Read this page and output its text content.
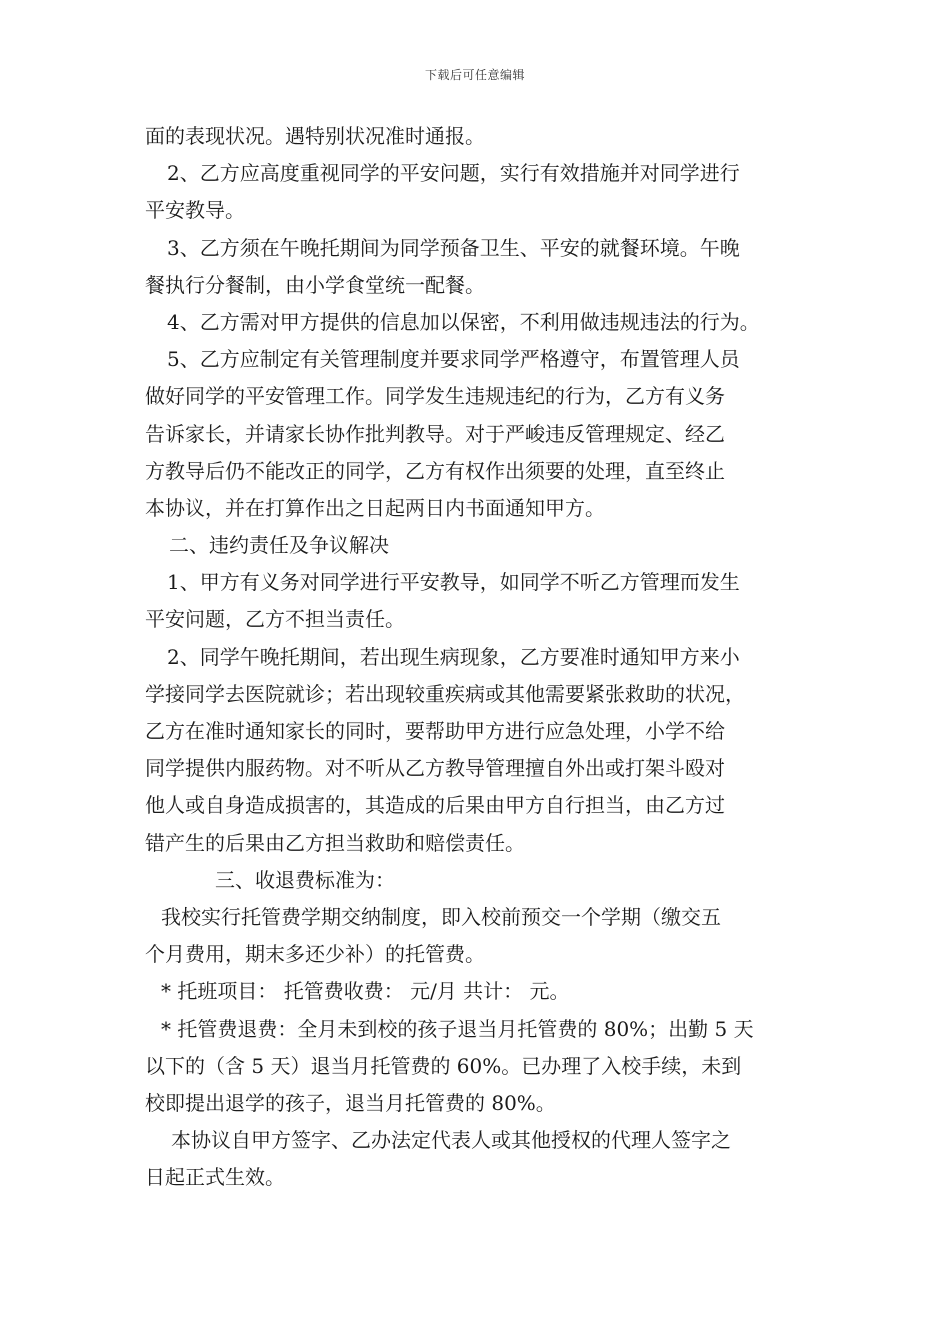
下载后可任意编辑
面的表现状况。遇特别状况准时通报。
2、乙方应高度重视同学的平安问题，实行有效措施并对同学进行
平安教导。
3、乙方须在午晚托期间为同学预备卫生、平安的就餐环境。午晚
餐执行分餐制，由小学食堂统一配餐。
4、乙方需对甲方提供的信息加以保密，不利用做违规违法的行为。
5、乙方应制定有关管理制度并要求同学严格遵守，布置管理人员
做好同学的平安管理工作。同学发生违规违纪的行为，乙方有义务
告诉家长，并请家长协作批判教导。对于严峻违反管理规定、经乙
方教导后仍不能改正的同学，乙方有权作出须要的处理，直至终止
本协议，并在打算作出之日起两日内书面通知甲方。
二、违约责任及争议解决
1、甲方有义务对同学进行平安教导，如同学不听乙方管理而发生
平安问题，乙方不担当责任。
2、同学午晚托期间，若出现生病现象，乙方要准时通知甲方来小
学接同学去医院就诊；若出现较重疾病或其他需要紧张救助的状况，
乙方在准时通知家长的同时，要帮助甲方进行应急处理，小学不给
同学提供内服药物。对不听从乙方教导管理擅自外出或打架斗殴对
他人或自身造成损害的，其造成的后果由甲方自行担当，由乙方过
错产生的后果由乙方担当救助和赔偿责任。
三、收退费标准为：
我校实行托管费学期交纳制度，即入校前预交一个学期（缴交五
个月费用，期末多还少补）的托管费。
* 托班项目： 托管费收费： 元/月 共计： 元。
* 托管费退费：全月未到校的孩子退当月托管费的 80%；出勤 5 天
以下的（含 5 天）退当月托管费的 60%。已办理了入校手续，未到
校即提出退学的孩子，退当月托管费的 80%。
本协议自甲方签字、乙办法定代表人或其他授权的代理人签字之
日起正式生效。
